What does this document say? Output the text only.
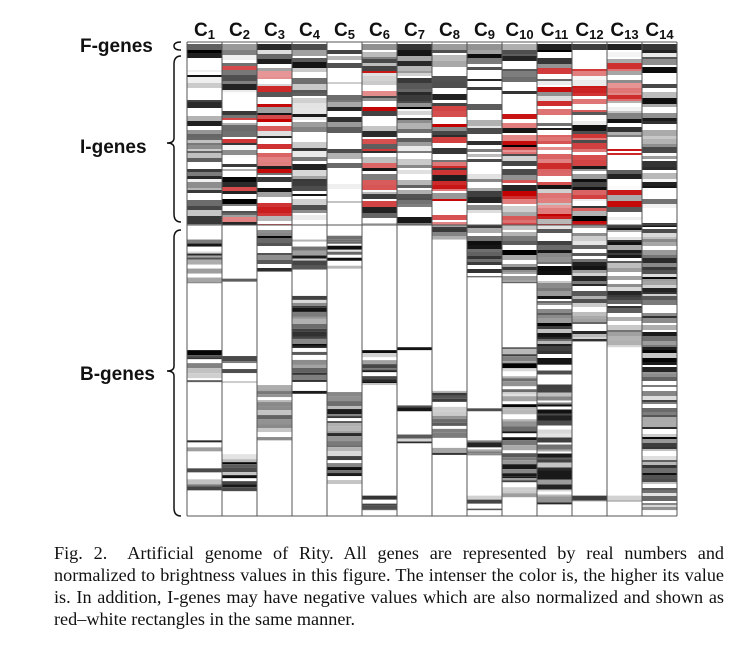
C1 C2 C3 C4 C5 C6 C7 C8 C9 C10 C11 C12 C13 C14
F-genes
I-genes
B-genes
Fig. 2. Artificial genome of Rity. All genes are represented by real numbers and normalized to brightness values in this figure. The intenser the color is, the higher its value is. In addition, I-genes may have negative values which are also normalized and shown as red–white rectangles in the same manner.
